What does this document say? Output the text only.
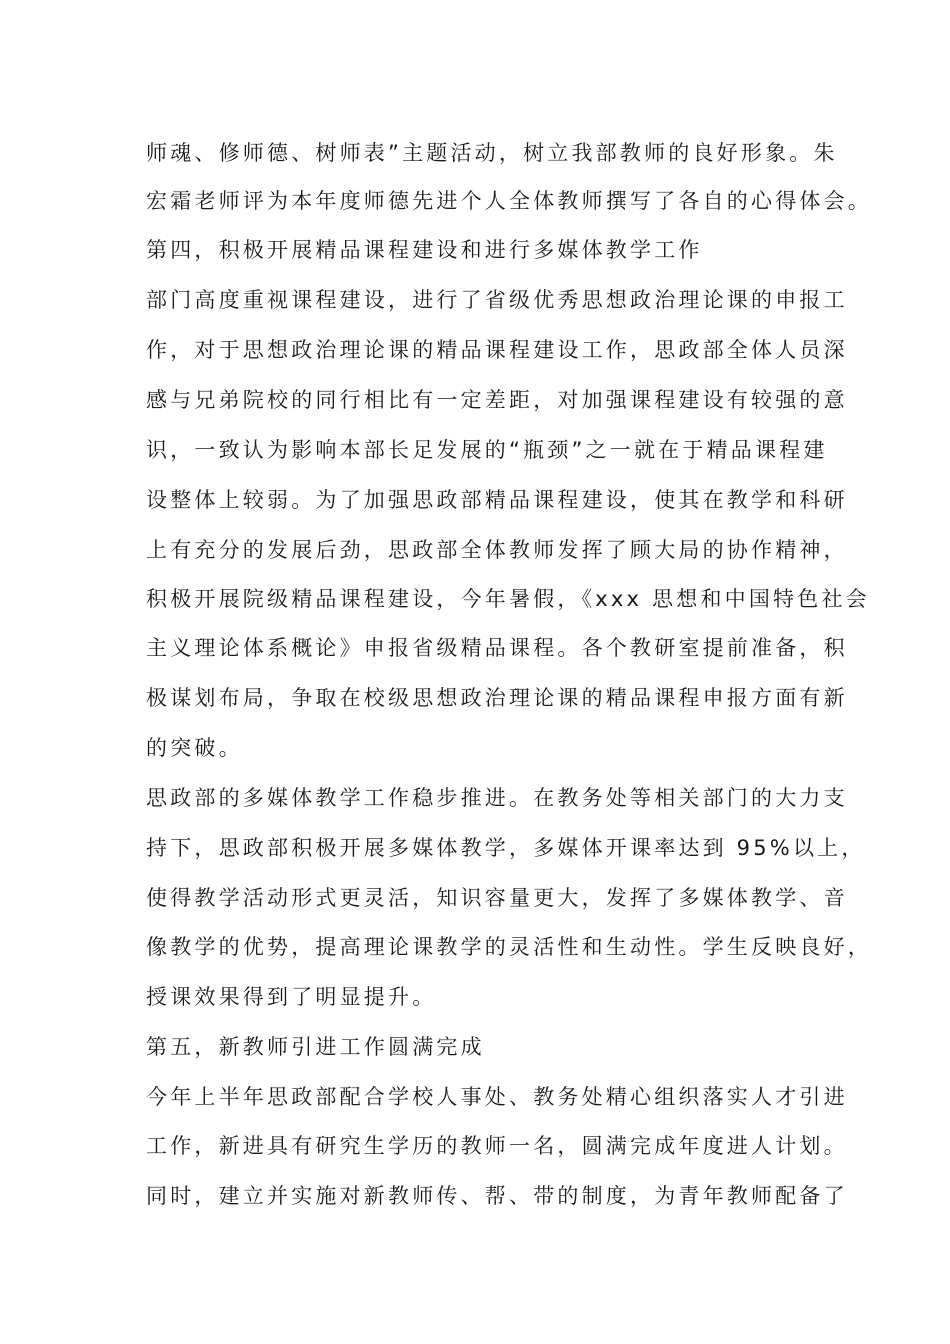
师魂、修师德、树师表”主题活动，树立我部教师的良好形象。朱
宏霜老师评为本年度师德先进个人全体教师撰写了各自的心得体会。
第四，积极开展精品课程建设和进行多媒体教学工作
部门高度重视课程建设，进行了省级优秀思想政治理论课的申报工
作，对于思想政治理论课的精品课程建设工作，思政部全体人员深
感与兄弟院校的同行相比有一定差距，对加强课程建设有较强的意
识，一致认为影响本部长足发展的“瓶颈”之一就在于精品课程建
设整体上较弱。为了加强思政部精品课程建设，使其在教学和科研
上有充分的发展后劲，思政部全体教师发挥了顾大局的协作精神，
积极开展院级精品课程建设，今年暑假，《xxx 思想和中国特色社会
主义理论体系概论》申报省级精品课程。各个教研室提前准备，积
极谋划布局，争取在校级思想政治理论课的精品课程申报方面有新
的突破。
思政部的多媒体教学工作稳步推进。在教务处等相关部门的大力支
持下，思政部积极开展多媒体教学，多媒体开课率达到 95%以上，
使得教学活动形式更灵活，知识容量更大，发挥了多媒体教学、音
像教学的优势，提高理论课教学的灵活性和生动性。学生反映良好，
授课效果得到了明显提升。
第五，新教师引进工作圆满完成
今年上半年思政部配合学校人事处、教务处精心组织落实人才引进
工作，新进具有研究生学历的教师一名，圆满完成年度进人计划。
同时，建立并实施对新教师传、帮、带的制度，为青年教师配备了
